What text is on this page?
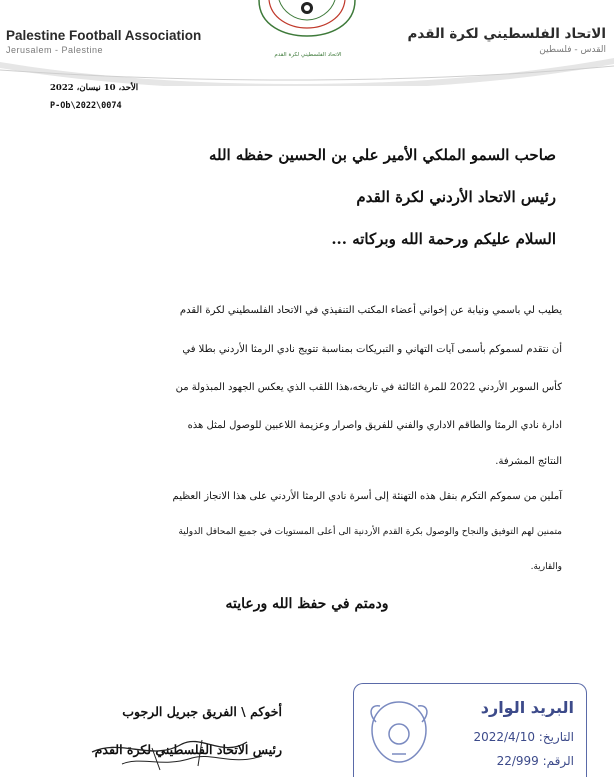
Palestine Football Association
Jerusalem - Palestine
الاتحاد الفلسطيني لكرة القدم
القدس - فلسطين
الاتحاد الفلسطيني لكرة القدم
الأحد، 10 نيسان، 2022
P-Ob\2022\0074
صاحب السمو الملكي الأمير علي بن الحسين حفظه الله
رئيس الاتحاد الأردني لكرة القدم
السلام عليكم ورحمة الله وبركاته ...
يطيب لي باسمي ونيابة عن إخواني أعضاء المكتب التنفيذي في الاتحاد الفلسطيني لكرة القدم
أن نتقدم لسموكم بأسمى آيات التهاني و التبريكات بمناسبة تتويج نادي الرمثا الأردني بطلا في
كأس السوبر الأردني 2022 للمرة الثالثة في تاريخه،هذا اللقب الذي يعكس الجهود المبذولة من
ادارة نادي الرمثا والطاقم الاداري والفني للفريق واصرار وعزيمة اللاعبين للوصول لمثل هذه
النتائج المشرفة.
آملين من سموكم التكرم بنقل هذه التهنئة إلى أسرة نادي الرمثا الأردني على هذا الانجاز العظيم
متمنين لهم التوفيق والنجاح والوصول بكرة القدم الأردنية الى أعلى المستويات في جميع المحافل الدولية
والقارية.
ودمتم في حفظ الله ورعايته
أخوكم \ الفريق جبريل الرجوب
رئيس الاتحاد الفلسطيني لكرة القدم
البريد الوارد
التاريخ: 2022/4/10
الرقم: 22/999
